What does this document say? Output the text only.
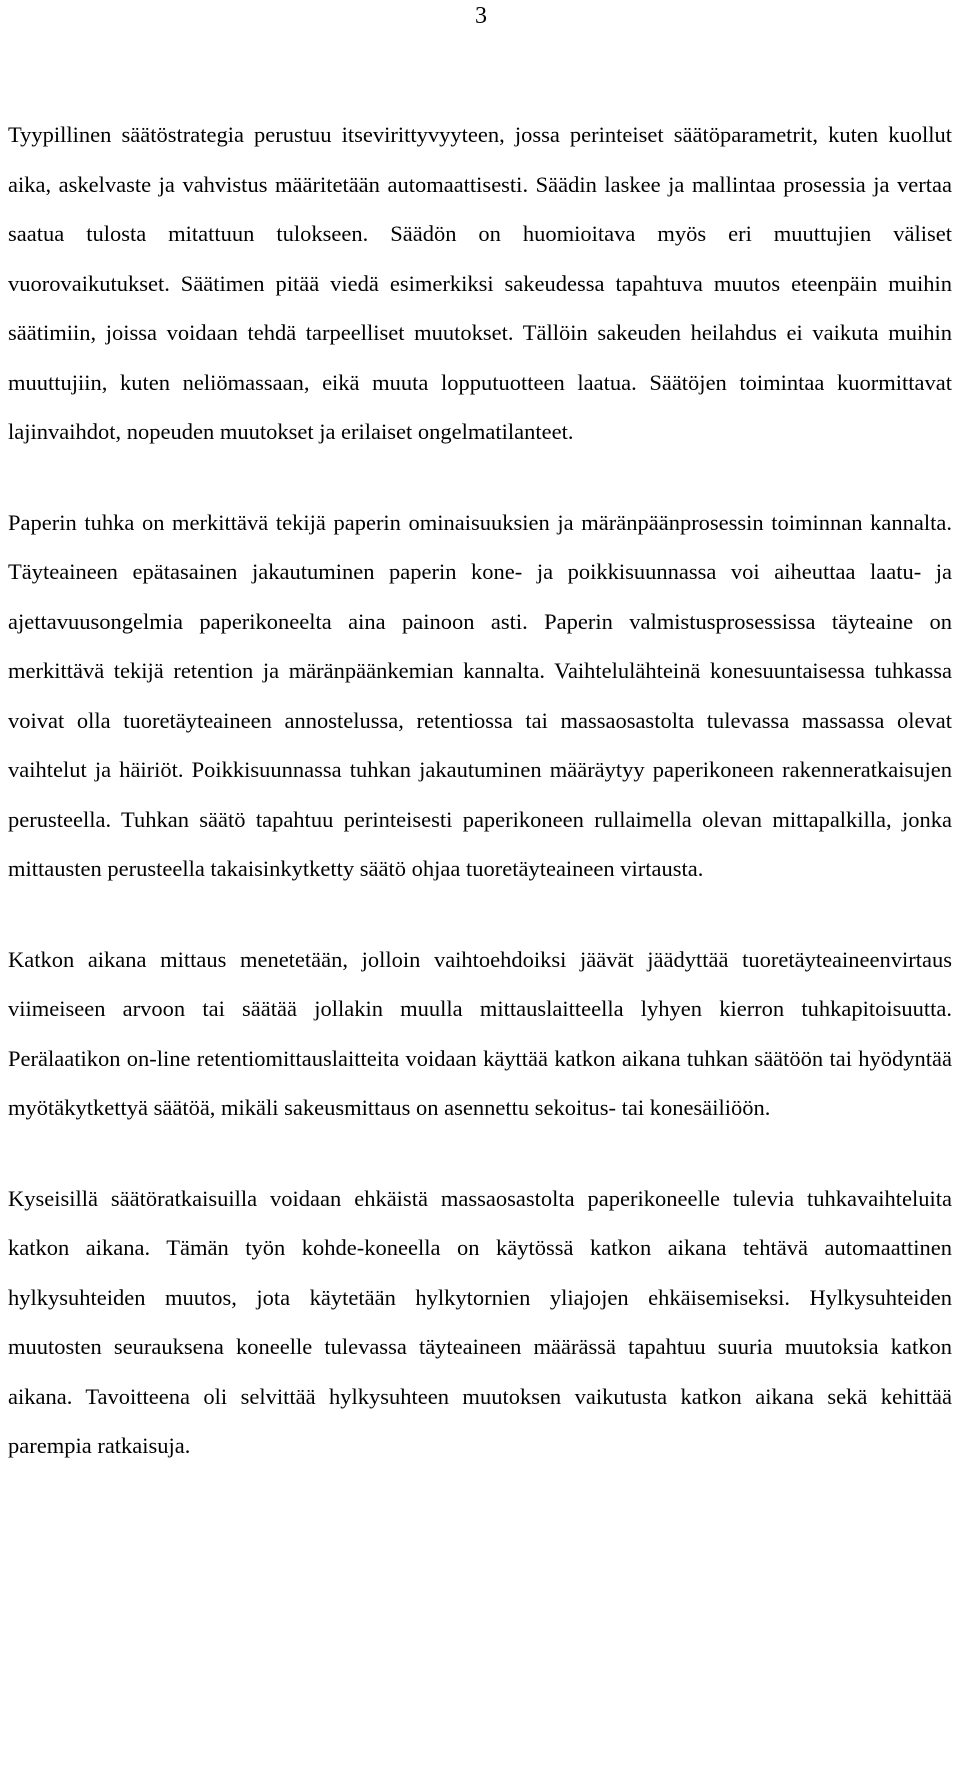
3

Tyypillinen säätöstrategia perustuu itsevirittyvyyteen, jossa perinteiset säätöparametrit, kuten kuollut aika, askelvaste ja vahvistus määritetään automaattisesti. Säädin laskee ja mallintaa prosessia ja vertaa saatua tulosta mitattuun tulokseen. Säädön on huomioitava myös eri muuttujien väliset vuorovaikutukset. Säätimen pitää viedä esimerkiksi sakeudessa tapahtuva muutos eteenpäin muihin säätimiin, joissa voidaan tehdä tarpeelliset muutokset. Tällöin sakeuden heilahdus ei vaikuta muihin muuttujiin, kuten neliömassaan, eikä muuta lopputuotteen laatua. Säätöjen toimintaa kuormittavat lajinvaihdot, nopeuden muutokset ja erilaiset ongelmatilanteet.

Paperin tuhka on merkittävä tekijä paperin ominaisuuksien ja märänpäänprosessin toiminnan kannalta. Täyteaineen epätasainen jakautuminen paperin kone- ja poikkisuunnassa voi aiheuttaa laatu- ja ajettavuusongelmia paperikoneelta aina painoon asti. Paperin valmistusprosessissa täyteaine on merkittävä tekijä retention ja märänpäänkemian kannalta. Vaihtelulähteinä konesuuntaisessa tuhkassa voivat olla tuoretäyteaineen annostelussa, retentiossa tai massaosastolta tulevassa massassa olevat vaihtelut ja häiriöt. Poikkisuunnassa tuhkan jakautuminen määräytyy paperikoneen rakenneratkaisujen perusteella. Tuhkan säätö tapahtuu perinteisesti paperikoneen rullaimella olevan mittapalkilla, jonka mittausten perusteella takaisinkytketty säätö ohjaa tuoretäyteaineen virtausta.

Katkon aikana mittaus menetetään, jolloin vaihtoehdoiksi jäävät jäädyttää tuoretäyteaineenvirtaus viimeiseen arvoon tai säätää jollakin muulla mittauslaitteella lyhyen kierron tuhkapitoisuutta. Perälaatikon on-line retentiomittauslaitteita voidaan käyttää katkon aikana tuhkan säätöön tai hyödyntää myötäkytkettyä säätöä, mikäli sakeusmittaus on asennettu sekoitus- tai konesäiliöön.

Kyseisillä säätöratkaisuilla voidaan ehkäistä massaosastolta paperikoneelle tulevia tuhkavaihteluita katkon aikana. Tämän työn kohde-koneella on käytössä katkon aikana tehtävä automaattinen hylkysuhteiden muutos, jota käytetään hylkytornien yliajojen ehkäisemiseksi. Hylkysuhteiden muutosten seurauksena koneelle tulevassa täyteaineen määrässä tapahtuu suuria muutoksia katkon aikana. Tavoitteena oli selvittää hylkysuhteen muutoksen vaikutusta katkon aikana sekä kehittää parempia ratkaisuja.
